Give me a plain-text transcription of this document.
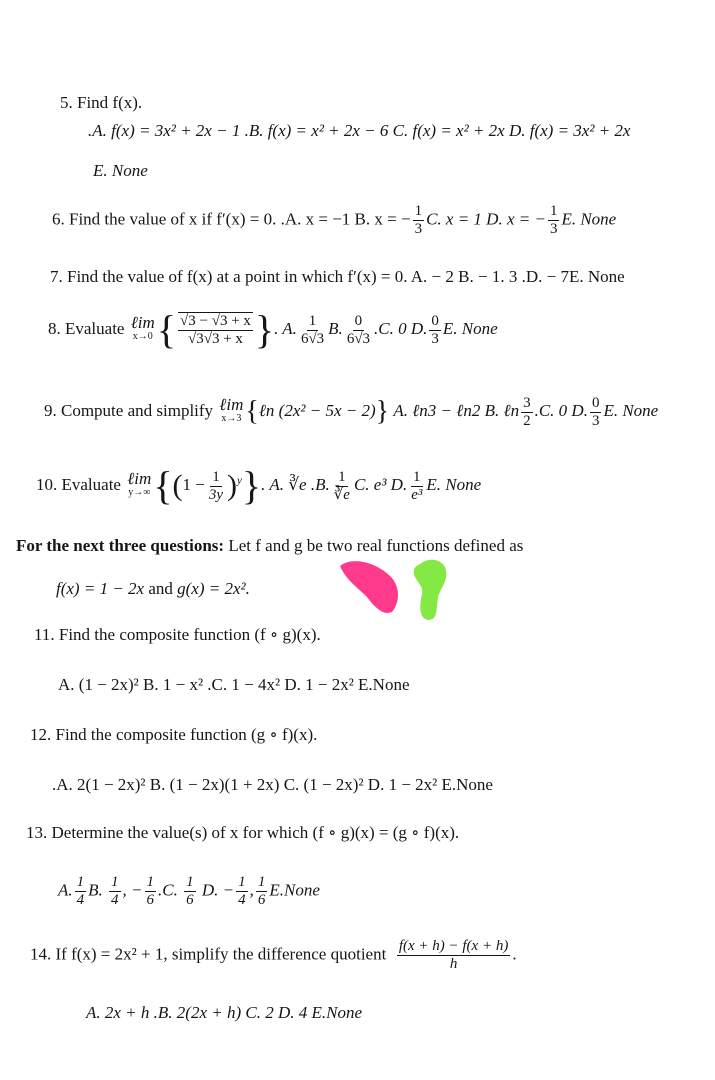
5. Find f(x).
.A. f(x) = 3x² + 2x − 1 .B. f(x) = x² + 2x − 6 C. f(x) = x² + 2x D. f(x) = 3x² + 2x
E. None
6. Find the value of x if f′(x) = 0. .A. x = −1 B. x = − $\frac{1}{3} C$. x = 1 D. x = − $\frac{1}{3} E$. None
7. Find the value of f(x) at a point in which f′(x) = 0. A. − 2 B. − 1. 3 .D. − 7E. None
8. Evaluate ℓim
x→0 { $\frac{√3 - √3 + x}{√3√3 + x}$ }. A. $\frac{1}{6√3} B$. $\frac{0}{6√3} .C$. 0 D. $\frac{0}{3} E$. None
9. Compute and simplify ℓim
x→3 {ℓn (2x² − 5x − 2)} A. ℓn3 − ℓn2 B. ℓn $\frac{3}{2} .C$. 0 D. $\frac{0}{3} E$. None
10. Evaluate ℓim
y→∞ $\{(1 - \frac{1}{3y} )^y\}$. A. ∛e .B. $\frac{1}{∛e} C$. e³ D. $\frac{1}{\text{e³}} E$. None
For the next three questions: Let f and g be two real functions defined as
f(x) = 1 − 2x and g(x) = 2x².
11. Find the composite function (f ∘ g)(x).
A. (1 − 2x)² B. 1 − x² .C. 1 − 4x² D. 1 − 2x² E.None
12. Find the composite function (g ∘ f)(x).
.A. 2(1 − 2x)² B. (1 − 2x)(1 + 2x) C. (1 − 2x)² D. 1 − 2x² E.None
13. Determine the value(s) of x for which (f ∘ g)(x) = (g ∘ f)(x).
A. $\frac{1}{4} B$. $\frac{1}{4}$ , − $\frac{1}{6} .C$. $\frac{1}{6} D$. − $\frac{1}{4}$ , $\frac{1}{6}$ E.None
14. If f(x) = 2x² + 1, simplify the difference quotient $\frac{f(x + h) - f(x + h)}{h}$ .
A. 2x + h .B. 2(2x + h) C. 2 D. 4 E.None
